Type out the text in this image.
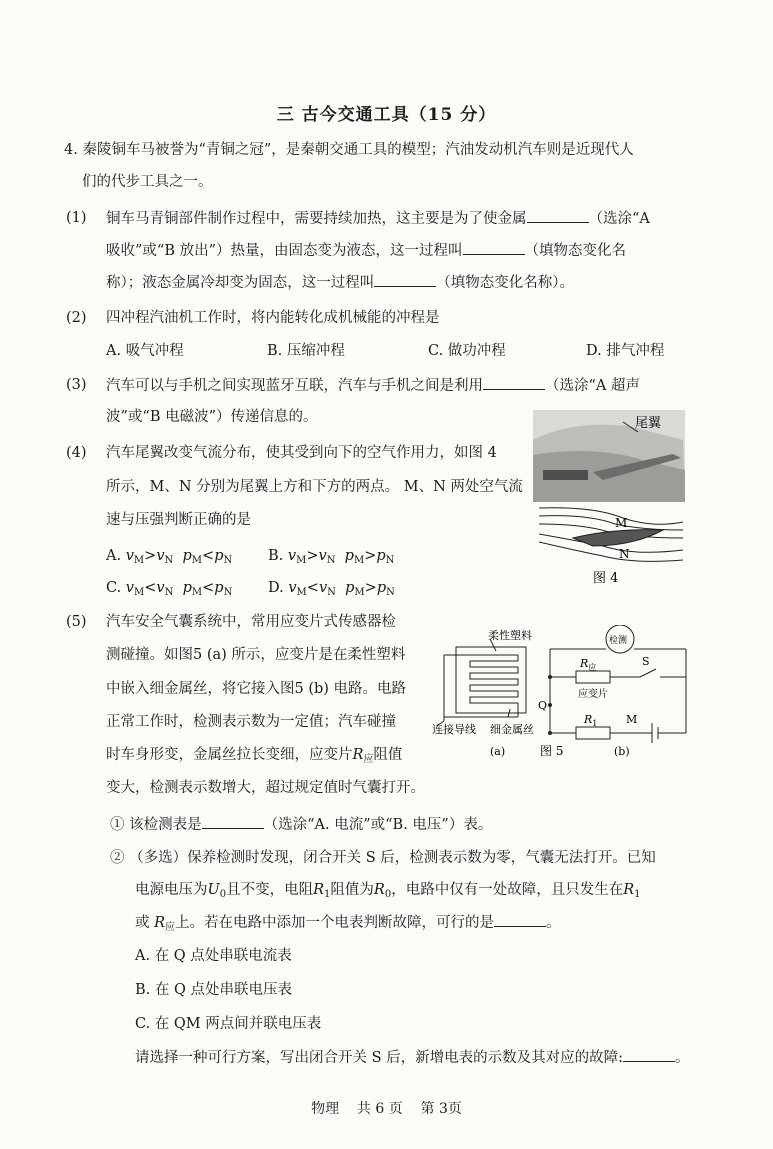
三 古今交通工具（15 分）
4. 秦陵铜车马被誉为“青铜之冠”，是秦朝交通工具的模型；汽油发动机汽车则是近现代人
们的代步工具之一。
(1) 铜车马青铜部件制作过程中，需要持续加热，这主要是为了使金属	（选涂“A
吸收”或“B 放出”）热量，由固态变为液态，这一过程叫	（填物态变化名
称）；液态金属冷却变为固态，这一过程叫	（填物态变化名称）。
(2) 四冲程汽油机工作时，将内能转化成机械能的冲程是
A. 吸气冲程	B. 压缩冲程	C. 做功冲程	D. 排气冲程
(3) 汽车可以与手机之间实现蓝牙互联，汽车与手机之间是利用	（选涂“A 超声
波”或“B 电磁波”）传递信息的。
(4) 汽车尾翼改变气流分布，使其受到向下的空气作用力，如图 4
所示，M、N 分别为尾翼上方和下方的两点。 M、N 两处空气流
速与压强判断正确的是
A. $v_M>v_N$ $p_M<p_N$ B. $v_M>v_N$ $p_M>p_N$
C. $v_M<v_N$ $p_M<p_N$ D. $v_M<v_N$ $p_M>p_N$
尾翼
M
N
图 4
(5) 汽车安全气囊系统中，常用应变片式传感器检
测碰撞。如图5 (a) 所示，应变片是在柔性塑料
中嵌入细金属丝，将它接入图5 (b) 电路。电路
正常工作时，检测表示数为一定值；汽车碰撞
时车身形变，金属丝拉长变细，应变片$R_应$阻值
变大，检测表示数增大，超过规定值时气囊打开。
柔性塑料
连接导线 细金属丝
(a)	图 5
检测
$R_应$
应变片
S
Q
$R_1$	M
(b)
① 该检测表是	（选涂“A. 电流”或“B. 电压”）表。
② （多选）保养检测时发现，闭合开关 S 后，检测表示数为零，气囊无法打开。已知
电源电压为$U_0$且不变，电阻$R_1$阻值为$R_0$，电路中仅有一处故障，且只发生在$R_1$
或 $R_应$上。若在电路中添加一个电表判断故障，可行的是	。
A. 在 Q 点处串联电流表
B. 在 Q 点处串联电压表
C. 在 QM 两点间并联电压表
请选择一种可行方案，写出闭合开关 S 后，新增电表的示数及其对应的故障:	。
物理    共 6 页    第 3页
